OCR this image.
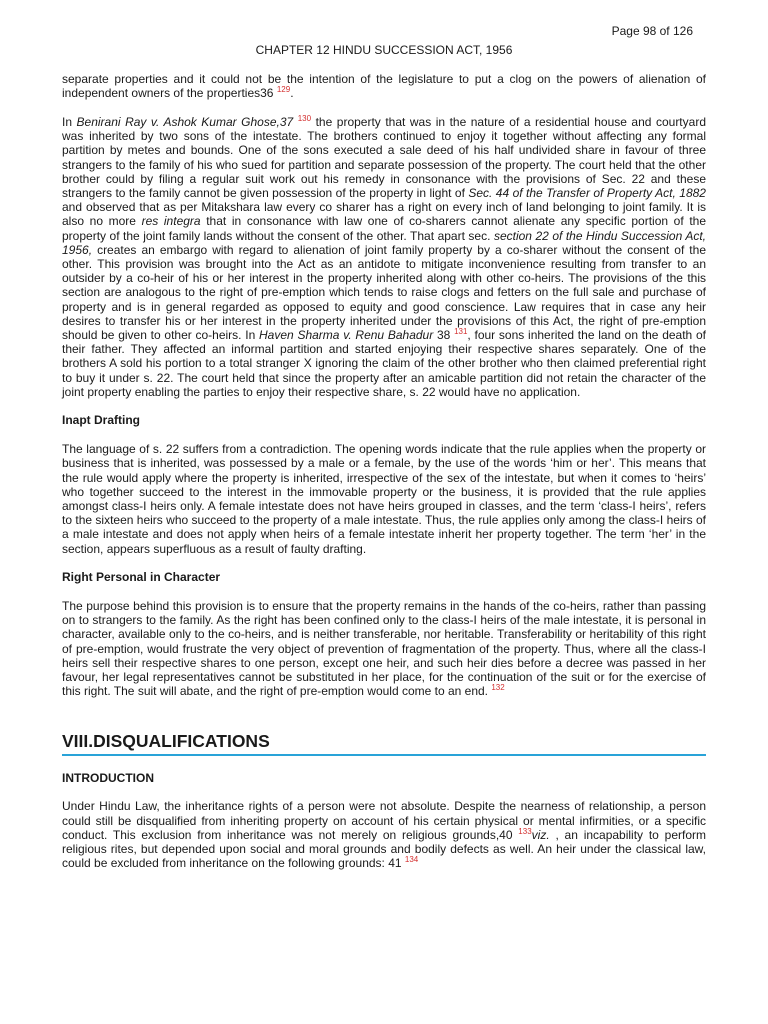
Page 98 of 126
CHAPTER 12 HINDU SUCCESSION ACT, 1956

separate properties and it could not be the intention of the legislature to put a clog on the powers of alienation of independent owners of the properties36 $^{129}$.

In Benirani Ray v. Ashok Kumar Ghose,37 $^{130}$ the property that was in the nature of a residential house and courtyard was inherited by two sons of the intestate. The brothers continued to enjoy it together without affecting any formal partition by metes and bounds. One of the sons executed a sale deed of his half undivided share in favour of three strangers to the family of his who sued for partition and separate possession of the property. The court held that the other brother could by filing a regular suit work out his remedy in consonance with the provisions of Sec. 22 and these strangers to the family cannot be given possession of the property in light of Sec. 44 of the Transfer of Property Act, 1882 and observed that as per Mitakshara law every co sharer has a right on every inch of land belonging to joint family. It is also no more res integra that in consonance with law one of co-sharers cannot alienate any specific portion of the property of the joint family lands without the consent of the other. That apart sec. section 22 of the Hindu Succession Act, 1956, creates an embargo with regard to alienation of joint family property by a co-sharer without the consent of the other. This provision was brought into the Act as an antidote to mitigate inconvenience resulting from transfer to an outsider by a co-heir of his or her interest in the property inherited along with other co-heirs. The provisions of the this section are analogous to the right of pre-emption which tends to raise clogs and fetters on the full sale and purchase of property and is in general regarded as opposed to equity and good conscience. Law requires that in case any heir desires to transfer his or her interest in the property inherited under the provisions of this Act, the right of pre-emption should be given to other co-heirs. In Haven Sharma v. Renu Bahadur 38 $^{131}$, four sons inherited the land on the death of their father. They affected an informal partition and started enjoying their respective shares separately. One of the brothers A sold his portion to a total stranger X ignoring the claim of the other brother who then claimed preferential right to buy it under s. 22. The court held that since the property after an amicable partition did not retain the character of the joint property enabling the parties to enjoy their respective share, s. 22 would have no application.

Inapt Drafting

The language of s. 22 suffers from a contradiction. The opening words indicate that the rule applies when the property or business that is inherited, was possessed by a male or a female, by the use of the words ‘him or her’. This means that the rule would apply where the property is inherited, irrespective of the sex of the intestate, but when it comes to ‘heirs’ who together succeed to the interest in the immovable property or the business, it is provided that the rule applies amongst class-I heirs only. A female intestate does not have heirs grouped in classes, and the term ‘class-I heirs’, refers to the sixteen heirs who succeed to the property of a male intestate. Thus, the rule applies only among the class-I heirs of a male intestate and does not apply when heirs of a female intestate inherit her property together. The term ‘her’ in the section, appears superfluous as a result of faulty drafting.

Right Personal in Character

The purpose behind this provision is to ensure that the property remains in the hands of the co-heirs, rather than passing on to strangers to the family. As the right has been confined only to the class-I heirs of the male intestate, it is personal in character, available only to the co-heirs, and is neither transferable, nor heritable. Transferability or heritability of this right of pre-emption, would frustrate the very object of prevention of fragmentation of the property. Thus, where all the class-I heirs sell their respective shares to one person, except one heir, and such heir dies before a decree was passed in her favour, her legal representatives cannot be substituted in her place, for the continuation of the suit or for the exercise of this right. The suit will abate, and the right of pre-emption would come to an end. $^{132}$

VIII.DISQUALIFICATIONS
INTRODUCTION

Under Hindu Law, the inheritance rights of a person were not absolute. Despite the nearness of relationship, a person could still be disqualified from inheriting property on account of his certain physical or mental infirmities, or a specific conduct. This exclusion from inheritance was not merely on religious grounds,40 $^{133}$viz. , an incapability to perform religious rites, but depended upon social and moral grounds and bodily defects as well. An heir under the classical law, could be excluded from inheritance on the following grounds: 41 $^{134}$
